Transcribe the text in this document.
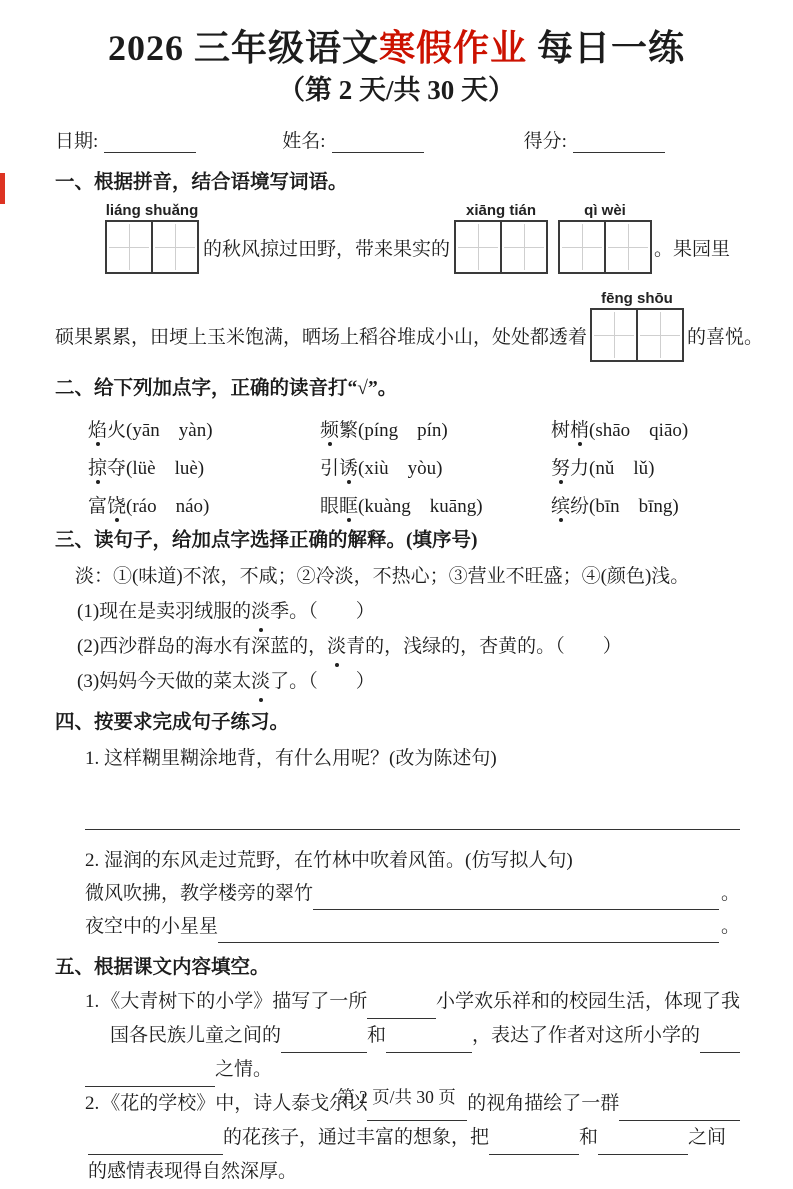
2026 三年级语文寒假作业 每日一练
（第 2 天/共 30 天）
日期:	姓名:	得分:
一、根据拼音，结合语境写词语。
liáng shuǎng
的秋风掠过田野，带来果实的
xiāng tián	qì wèi
。果园里
硕果累累，田埂上玉米饱满，晒场上稻谷堆成小山，处处都透着
fēng shōu
的喜悦。
二、给下列加点字，正确的读音打“√”。
焰火(yān　yàn)	频繁(píng　pín)	树梢(shāo　qiāo)
掠夺(lüè　luè)	引诱(xiù　yòu)	努力(nǔ　lǔ)
富饶(ráo　náo)	眼眶(kuàng　kuāng)	缤纷(bīn　bīng)
三、读句子，给加点字选择正确的解释。(填序号)
淡：①(味道)不浓，不咸；②冷淡，不热心；③营业不旺盛；④(颜色)浅。
(1)现在是卖羽绒服的淡季。（　　）
(2)西沙群岛的海水有深蓝的，淡青的，浅绿的，杏黄的。（　　）
(3)妈妈今天做的菜太淡了。（　　）
四、按要求完成句子练习。
1. 这样糊里糊涂地背，有什么用呢？(改为陈述句)
2. 湿润的东风走过荒野，在竹林中吹着风笛。(仿写拟人句)
微风吹拂，教学楼旁的翠竹	。
夜空中的小星星	。
五、根据课文内容填空。
1. 《大青树下的小学》描写了一所	小学欢乐祥和的校园生活，体现了我
国各民族儿童之间的	和	，表达了作者对这所小学的
之情。
2. 《花的学校》中，诗人泰戈尔以	的视角描绘了一群
的花孩子，通过丰富的想象，把	和	之间
的感情表现得自然深厚。
第 2 页/共 30 页
